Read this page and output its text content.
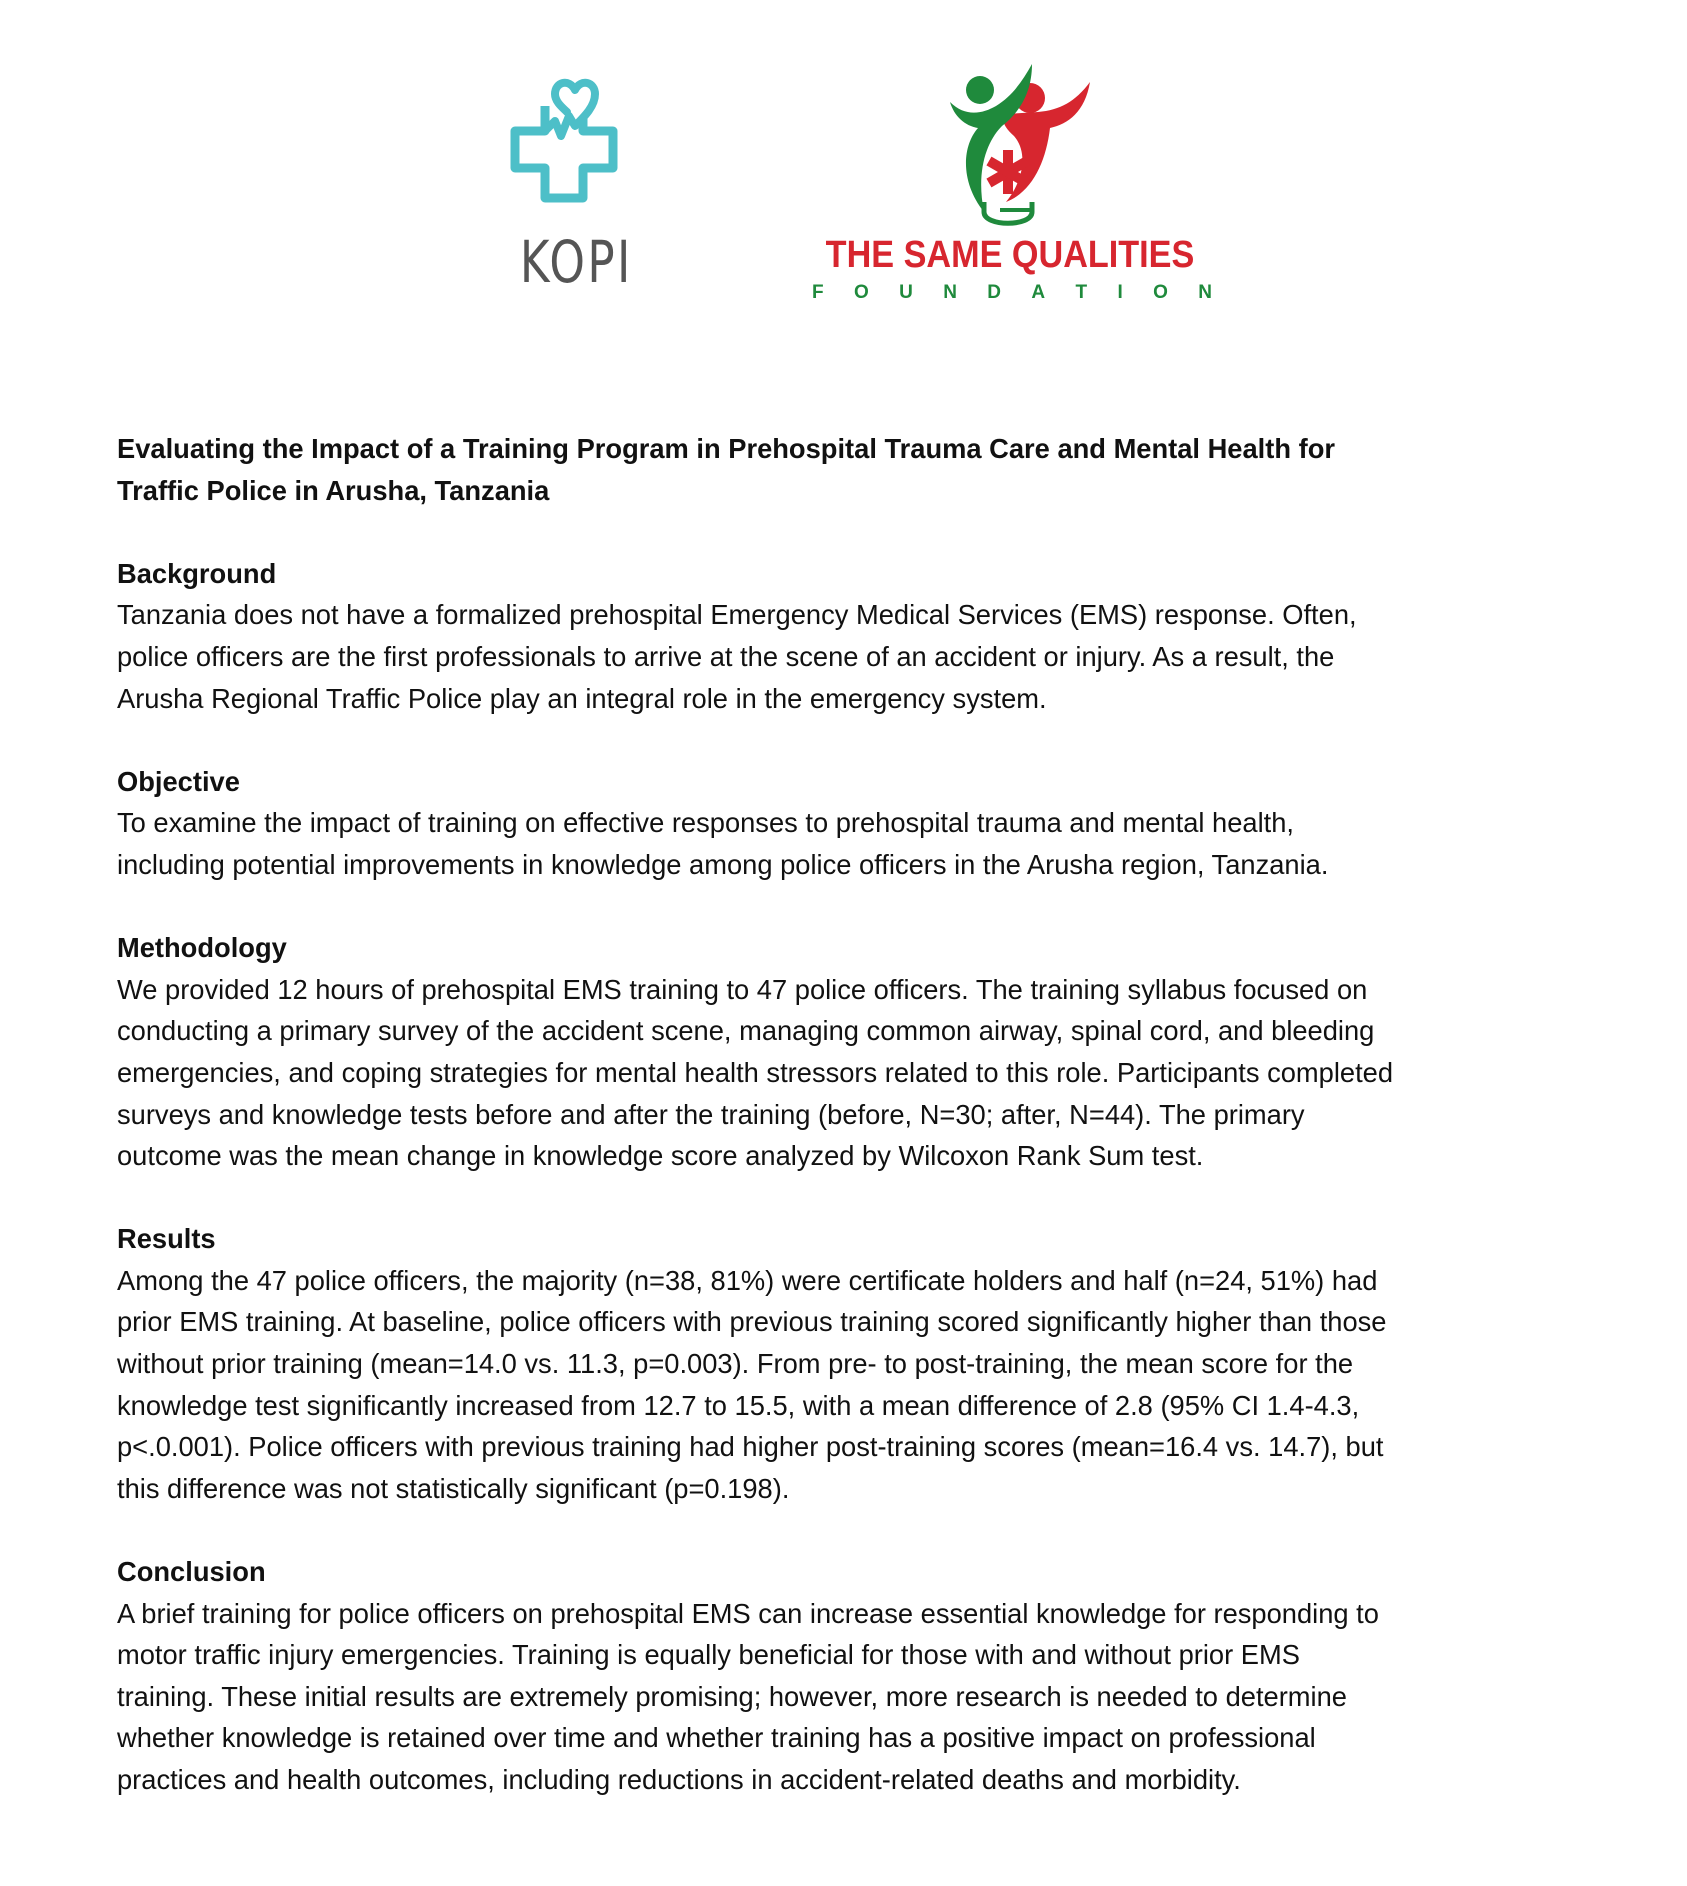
KOPI	THE SAME QUALITIES
F O U N D A T I O N
Evaluating the Impact of a Training Program in Prehospital Trauma Care and Mental Health for
Traffic Police in Arusha, Tanzania
Background
Tanzania does not have a formalized prehospital Emergency Medical Services (EMS) response. Often,
police officers are the first professionals to arrive at the scene of an accident or injury. As a result, the
Arusha Regional Traffic Police play an integral role in the emergency system.
Objective
To examine the impact of training on effective responses to prehospital trauma and mental health,
including potential improvements in knowledge among police officers in the Arusha region, Tanzania.
Methodology
We provided 12 hours of prehospital EMS training to 47 police officers. The training syllabus focused on
conducting a primary survey of the accident scene, managing common airway, spinal cord, and bleeding
emergencies, and coping strategies for mental health stressors related to this role. Participants completed
surveys and knowledge tests before and after the training (before, N=30; after, N=44). The primary
outcome was the mean change in knowledge score analyzed by Wilcoxon Rank Sum test.
Results
Among the 47 police officers, the majority (n=38, 81%) were certificate holders and half (n=24, 51%) had
prior EMS training. At baseline, police officers with previous training scored significantly higher than those
without prior training (mean=14.0 vs. 11.3, p=0.003). From pre- to post-training, the mean score for the
knowledge test significantly increased from 12.7 to 15.5, with a mean difference of 2.8 (95% CI 1.4-4.3,
p<.0.001). Police officers with previous training had higher post-training scores (mean=16.4 vs. 14.7), but
this difference was not statistically significant (p=0.198).
Conclusion
A brief training for police officers on prehospital EMS can increase essential knowledge for responding to
motor traffic injury emergencies. Training is equally beneficial for those with and without prior EMS
training. These initial results are extremely promising; however, more research is needed to determine
whether knowledge is retained over time and whether training has a positive impact on professional
practices and health outcomes, including reductions in accident-related deaths and morbidity.
